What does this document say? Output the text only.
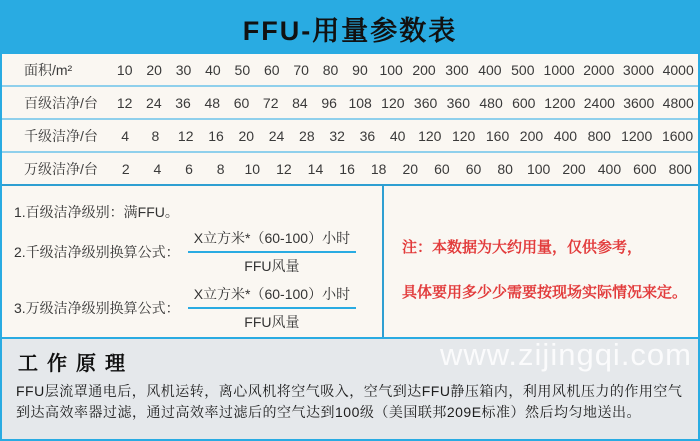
FFU-用量参数表
面积/m²	10 20 30 40 50 60 70 80 90 100 200 300 400 500 1000 2000 3000 4000
百级洁净/台	12 24 36 48 60 72 84 96 108 120 360 360 480 600 1200 2400 3600 4800
千级洁净/台	4	8	12	16	20	24	28	32	36	40 120 120 160 200 400 800 1200 1600
万级洁净/台	2	4	6	8	10	12	14	16	18	20	60	60	80	100 200 400 600 800
1.百级洁净级别：满FFU。
2.千级洁净级别换算公式： $\frac{\text{X立方米*（60-100）小时}}{\text{FFU风量}}$
3.万级洁净级别换算公式： $\frac{\text{X立方米*（60-100）小时}}{\text{FFU风量}}$
注：本数据为大约用量，仅供参考，
具体要用多少少需要按现场实际情况来定。
www.zijingqi.com
工作原理

FFU层流罩通电后，风机运转，离心风机将空气吸入，空气到达FFU静压箱内，利用风机压力的作用空气到达高效率器过滤，通过高效率过滤后的空气达到100级（美国联邦209E标准）然后均匀地送出。
